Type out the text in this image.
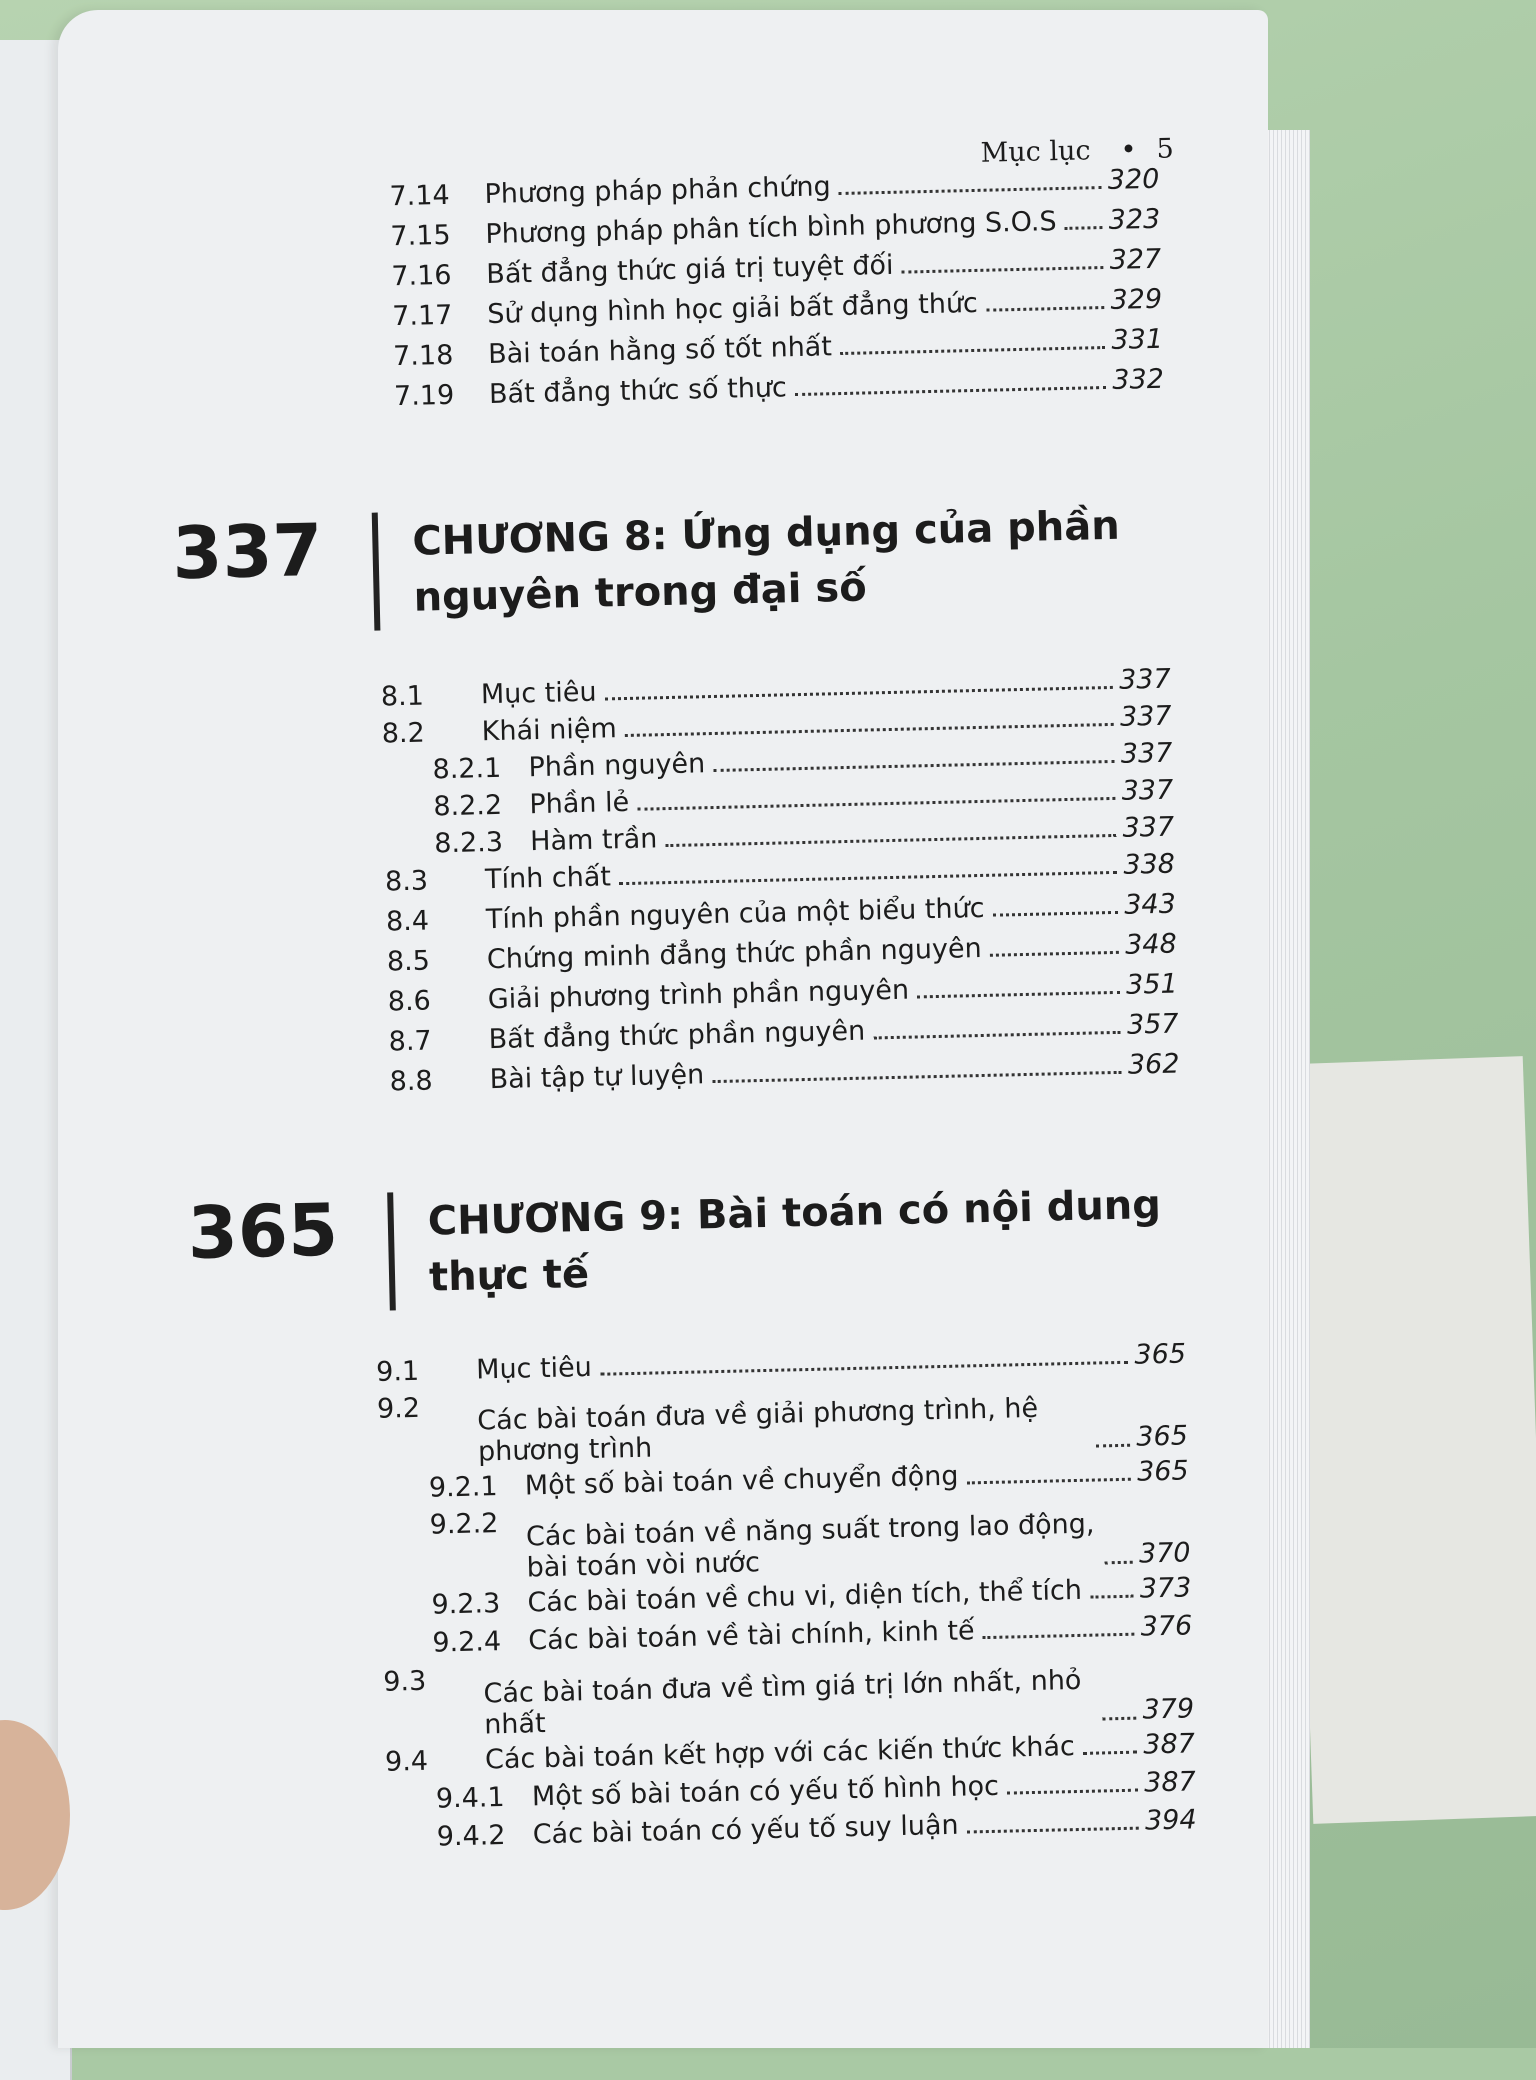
Mục lục • 5
7.14	Phương pháp phản chứng	320
7.15	Phương pháp phân tích bình phương S.O.S 323
7.16	Bất đẳng thức giá trị tuyệt đối	327
7.17	Sử dụng hình học giải bất đẳng thức	329
7.18	Bài toán hằng số tốt nhất	331
7.19	Bất đẳng thức số thực	332
337 CHƯƠNG 8: Ứng dụng của phần nguyên trong đại số
8.1	Mục tiêu	337
8.2	Khái niệm	337
8.2.1 Phần nguyên	337
8.2.2 Phần lẻ	337
8.2.3 Hàm trần	337
8.3	Tính chất	338
8.4	Tính phần nguyên của một biểu thức	343
8.5	Chứng minh đẳng thức phần nguyên	348
8.6	Giải phương trình phần nguyên	351
8.7	Bất đẳng thức phần nguyên	357
8.8	Bài tập tự luyện	362
365 CHƯƠNG 9: Bài toán có nội dung thực tế
9.1	Mục tiêu	365
9.2	Các bài toán đưa về giải phương trình, hệ phương trình	365
9.2.1 Một số bài toán về chuyển động	365
9.2.2 Các bài toán về năng suất trong lao động, bài toán vòi nước	370
9.2.3 Các bài toán về chu vi, diện tích, thể tích 373
9.2.4 Các bài toán về tài chính, kinh tế	376
9.3	Các bài toán đưa về tìm giá trị lớn nhất, nhỏ nhất	379
9.4	Các bài toán kết hợp với các kiến thức khác	387
9.4.1 Một số bài toán có yếu tố hình học	387
9.4.2 Các bài toán có yếu tố suy luận	394
